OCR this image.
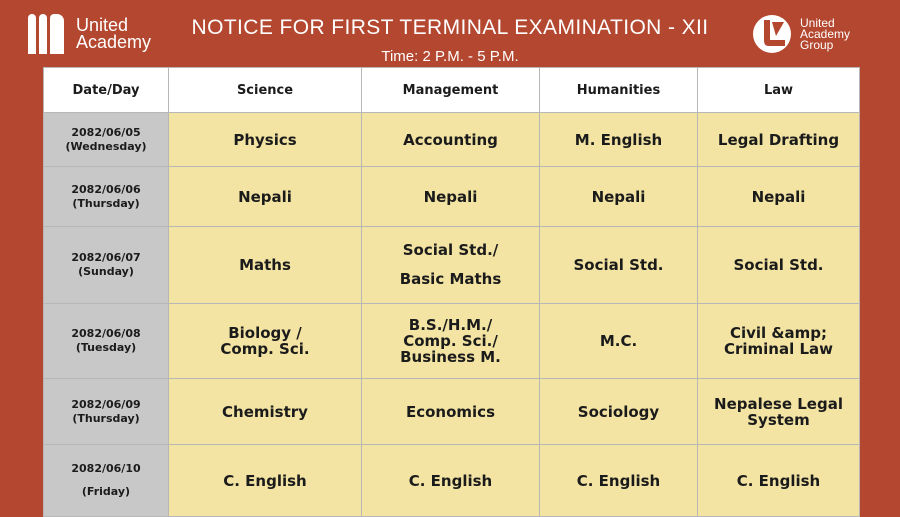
United
Academy
NOTICE FOR FIRST TERMINAL EXAMINATION - XII
Time: 2 P.M. - 5 P.M.
United
Academy
Group
Date/Day	Science	Management	Humanities	Law

2082/06/05
(Wednesday)	Physics	Accounting	M. English	Legal Drafting

2082/06/06
(Thursday)	Nepali	Nepali	Nepali	Nepali

2082/06/07
(Sunday)	Maths	Social Std./
Basic Maths	Social Std.	Social Std.

2082/06/08
(Tuesday)	Biology /
Comp. Sci.	B.S./H.M./
Comp. Sci./
Business M.	M.C.	Civil &amp;
Criminal Law

2082/06/09
(Thursday)	Chemistry	Economics	Sociology	Nepalese Legal
System

2082/06/10
(Friday)	C. English	C. English	C. English	C. English
